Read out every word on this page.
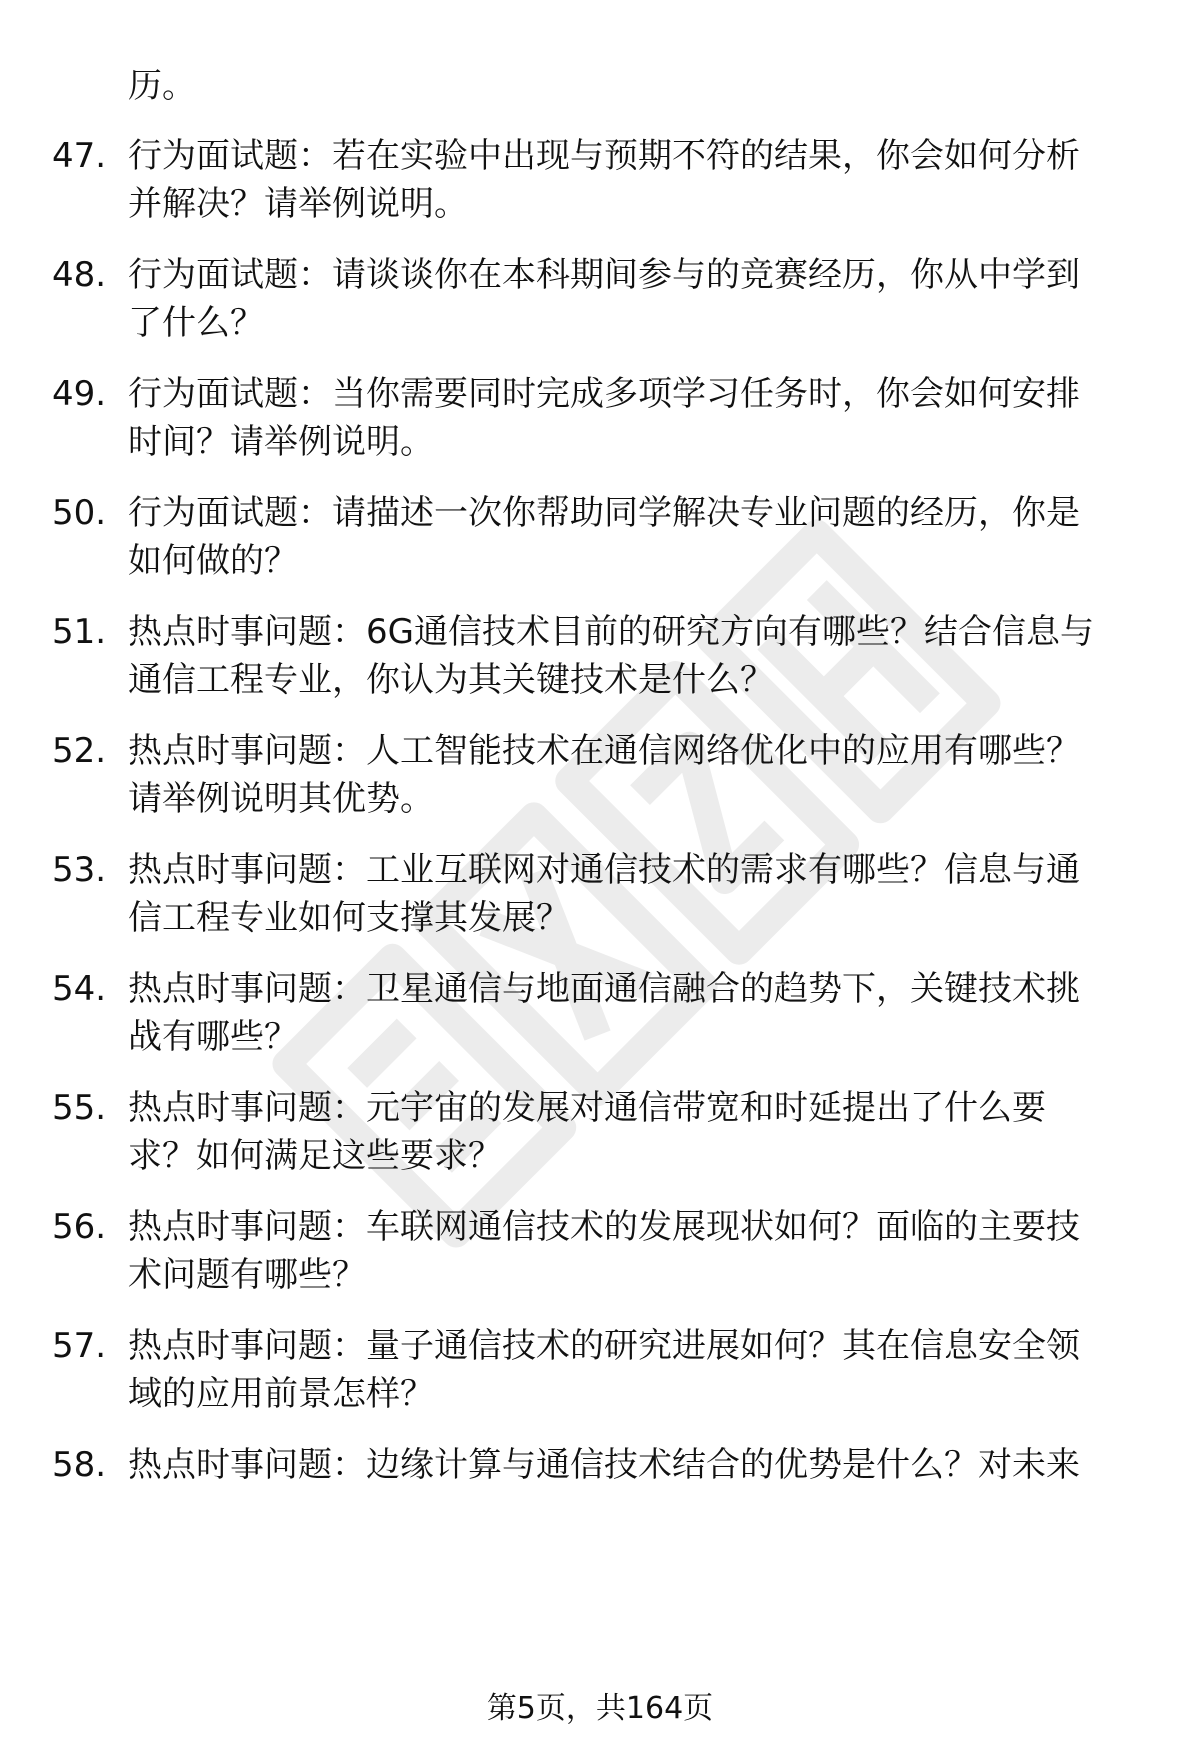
历。
47. 行为面试题：若在实验中出现与预期不符的结果，你会如何分析
并解决？请举例说明。
48. 行为面试题：请谈谈你在本科期间参与的竞赛经历，你从中学到
了什么？
49. 行为面试题：当你需要同时完成多项学习任务时，你会如何安排
时间？请举例说明。
50. 行为面试题：请描述一次你帮助同学解决专业问题的经历，你是
如何做的？
51. 热点时事问题：6G通信技术目前的研究方向有哪些？结合信息与
通信工程专业，你认为其关键技术是什么？
52. 热点时事问题：人工智能技术在通信网络优化中的应用有哪些？
请举例说明其优势。
53. 热点时事问题：工业互联网对通信技术的需求有哪些？信息与通
信工程专业如何支撑其发展？
54. 热点时事问题：卫星通信与地面通信融合的趋势下，关键技术挑
战有哪些？
55. 热点时事问题：元宇宙的发展对通信带宽和时延提出了什么要
求？如何满足这些要求？
56. 热点时事问题：车联网通信技术的发展现状如何？面临的主要技
术问题有哪些？
57. 热点时事问题：量子通信技术的研究进展如何？其在信息安全领
域的应用前景怎样？
58. 热点时事问题：边缘计算与通信技术结合的优势是什么？对未来
第5页，共164页
